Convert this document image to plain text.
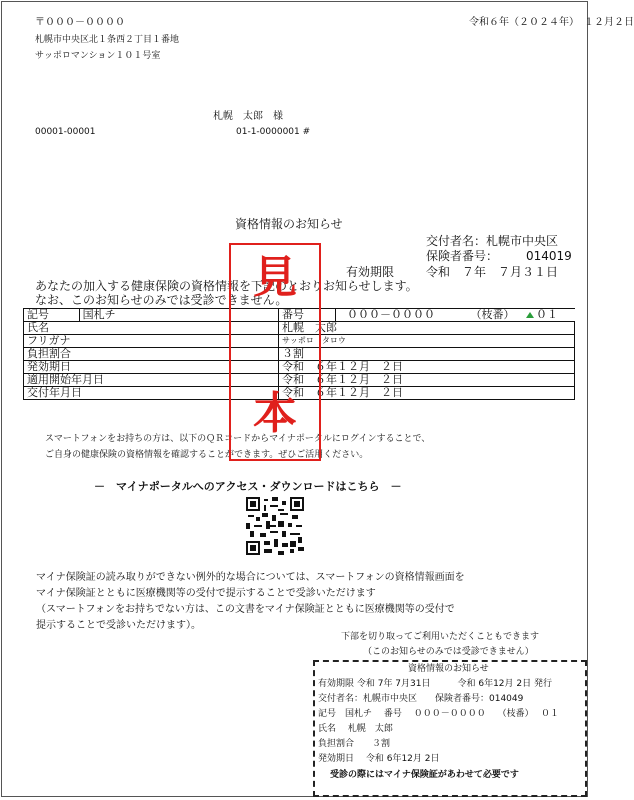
〒０００－００００	令和６年（２０２４年）　１２月２日
札幌市中央区北１条西２丁目１番地
サッポロマンション１０１号室
札幌　太郎　様
00001-00001	01-1-0000001 #
資格情報のお知らせ
交付者名：札幌市中央区
保険者番号： 014019
有効期限	令和　７年　７月３１日
あなたの加入する健康保険の資格情報を下記のとおりお知らせします。
なお、このお知らせのみでは受診できません。
記号	国札チ	番号	０００－００００ （枝番） ０１
氏名		札幌　太郎	
フリガナ		サッポロ　タロウ	
負担割合		３割	
発効期日		令和　６年１２月　２日	
適用開始年月日		令和　６年１２月　２日	
交付年月日		令和　６年１２月　２日	
スマートフォンをお持ちの方は、以下のＱＲコードからマイナポータルにログインすることで、
ご自身の健康保険の資格情報を確認することができます。ぜひご活用ください。
見
本
－　マイナポータルへのアクセス・ダウンロードはこちら　－
マイナ保険証の読み取りができない例外的な場合については、スマートフォンの資格情報画面を
マイナ保険証とともに医療機関等の受付で提示することで受診いただけます
（スマートフォンをお持ちでない方は、この文書をマイナ保険証とともに医療機関等の受付で
提示することで受診いただけます）。
下部を切り取ってご利用いただくこともできます
（このお知らせのみでは受診できません）
資格情報のお知らせ
有効期限 令和 7年 7月31日　　　令和 6年12月 2日 発行
交付者名：札幌市中央区　　保険者番号：014049
記号　国札チ　 番号　 ０００－００００　 （枝番）　 ０１
氏名　 札幌　太郎
負担割合　　３割
発効期日　 令和 6年12月 2日
受診の際にはマイナ保険証があわせて必要です
